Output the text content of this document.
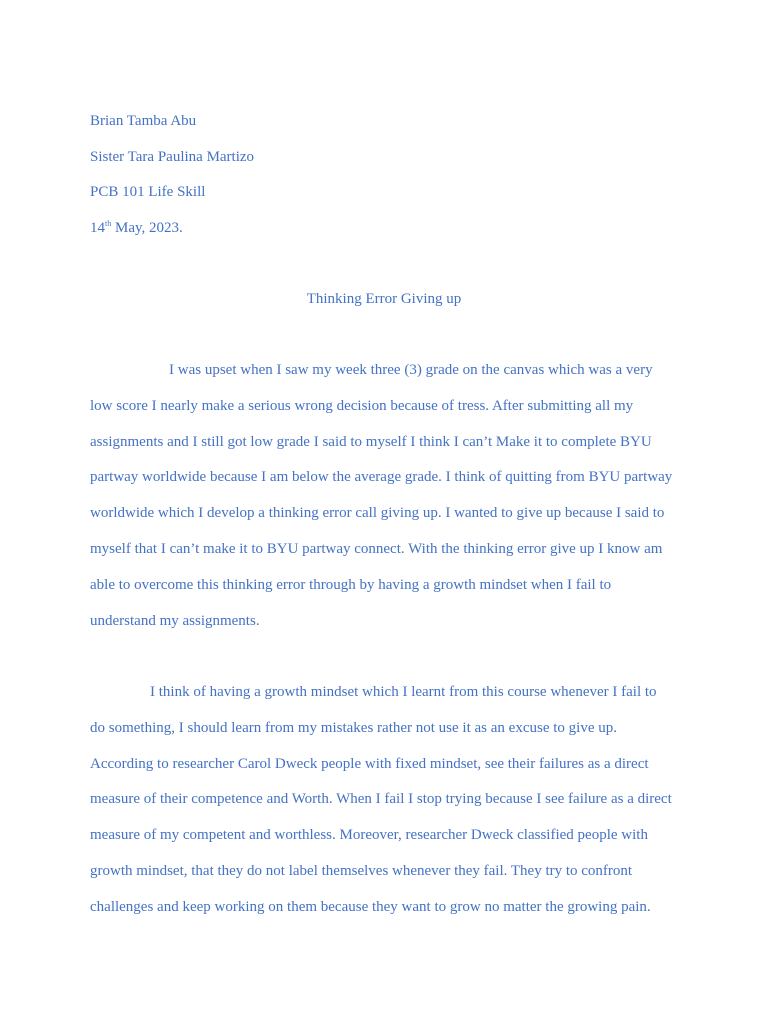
Brian Tamba Abu
Sister Tara Paulina Martizo
PCB 101 Life Skill
14th May, 2023.
Thinking Error Giving up
I was upset when I saw my week three (3) grade on the canvas which was a very
low score I nearly make a serious wrong decision because of tress. After submitting all my
assignments and I still got low grade I said to myself I think I can’t Make it to complete BYU
partway worldwide because I am below the average grade. I think of quitting from BYU partway
worldwide which I develop a thinking error call giving up. I wanted to give up because I said to
myself that I can’t make it to BYU partway connect. With the thinking error give up I know am
able to overcome this thinking error through by having a growth mindset when I fail to
understand my assignments.
I think of having a growth mindset which I learnt from this course whenever I fail to
do something, I should learn from my mistakes rather not use it as an excuse to give up.
According to researcher Carol Dweck people with fixed mindset, see their failures as a direct
measure of their competence and Worth. When I fail I stop trying because I see failure as a direct
measure of my competent and worthless. Moreover, researcher Dweck classified people with
growth mindset, that they do not label themselves whenever they fail. They try to confront
challenges and keep working on them because they want to grow no matter the growing pain.
